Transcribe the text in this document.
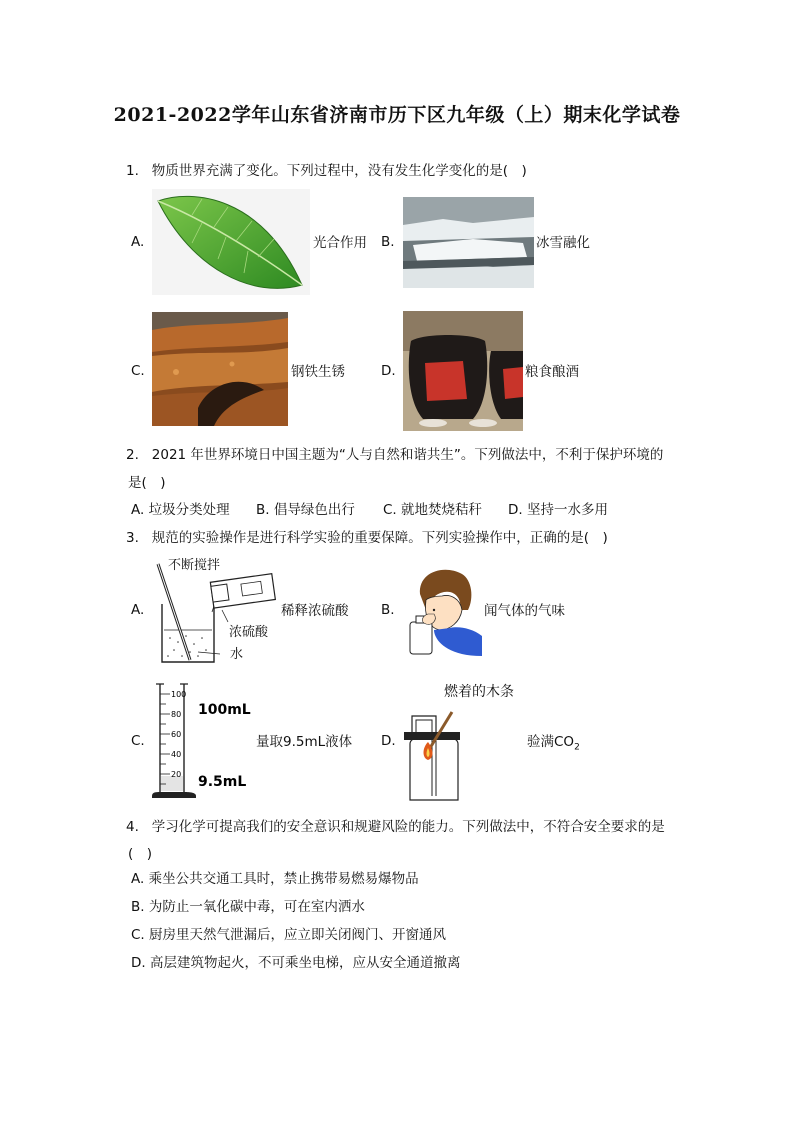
2021-2022学年山东省济南市历下区九年级（上）期末化学试卷
1. 物质世界充满了变化。下列过程中，没有发生化学变化的是(　)
A.	光合作用 B.	冰雪融化
C.	钢铁生锈	D.	粮食酿酒
2. 2021 年世界环境日中国主题为“人与自然和谐共生”。下列做法中，不利于保护环境的
是(　)
A. 垃圾分类处理 B. 倡导绿色出行 C. 就地焚烧秸秆 D. 坚持一水多用
3. 规范的实验操作是进行科学实验的重要保障。下列实验操作中，正确的是(　)
A.
不断搅拌
浓硫酸
水
稀释浓硫酸 B.	闻气体的气味
C.
100
80
60
40
20
100mL
9.5mL
量取9.5mL液体 D.
燃着的木条
验满$CO_2$
4. 学习化学可提高我们的安全意识和规避风险的能力。下列做法中，不符合安全要求的是
(　)
A. 乘坐公共交通工具时，禁止携带易燃易爆物品
B. 为防止一氧化碳中毒，可在室内洒水
C. 厨房里天然气泄漏后，应立即关闭阀门、开窗通风
D. 高层建筑物起火，不可乘坐电梯，应从安全通道撤离
